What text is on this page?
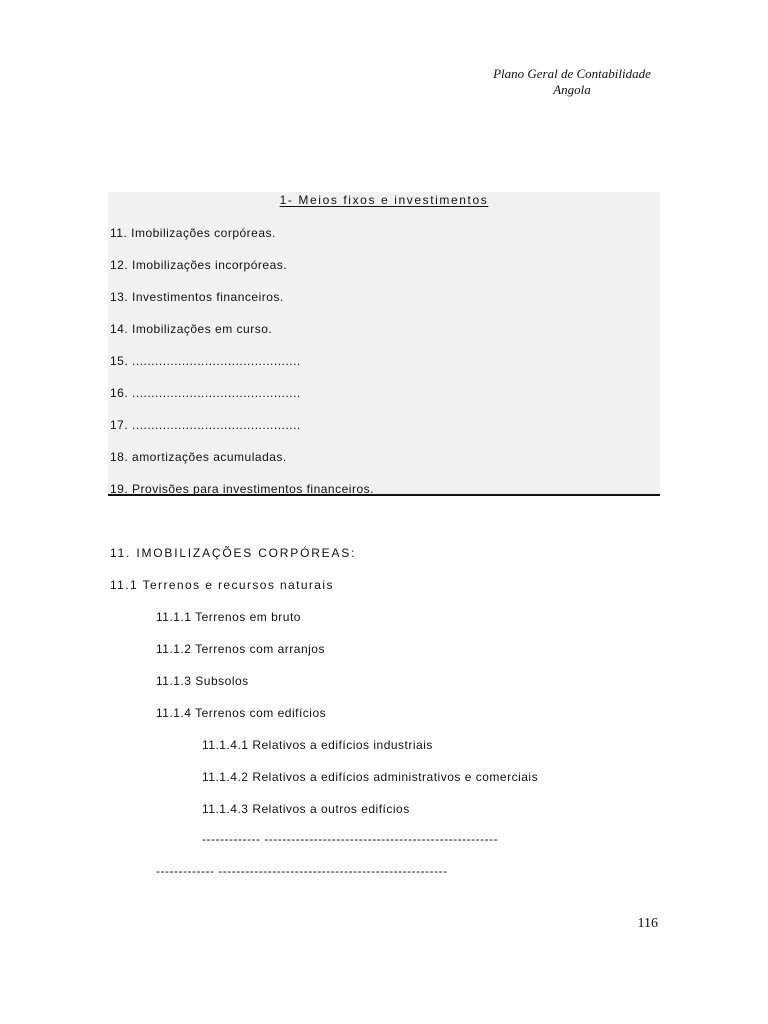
Plano Geral de Contabilidade
Angola
1- Meios fixos e investimentos
11. Imobilizações corpóreas.
12. Imobilizações incorpóreas.
13. Investimentos financeiros.
14. Imobilizações em curso.
15. ............................................
16. ............................................
17. ............................................
18. amortizações acumuladas.
19. Provisões para investimentos financeiros.
11. IMOBILIZAÇÕES CORPÓREAS:
11.1 Terrenos e recursos naturais
11.1.1 Terrenos em bruto
11.1.2 Terrenos com arranjos
11.1.3 Subsolos
11.1.4 Terrenos com edifícios
11.1.4.1 Relativos a edifícios industriais
11.1.4.2 Relativos a edifícios administrativos e comerciais
11.1.4.3 Relativos a outros edifícios
------------- ----------------------------------------------------
------------- ---------------------------------------------------
116
